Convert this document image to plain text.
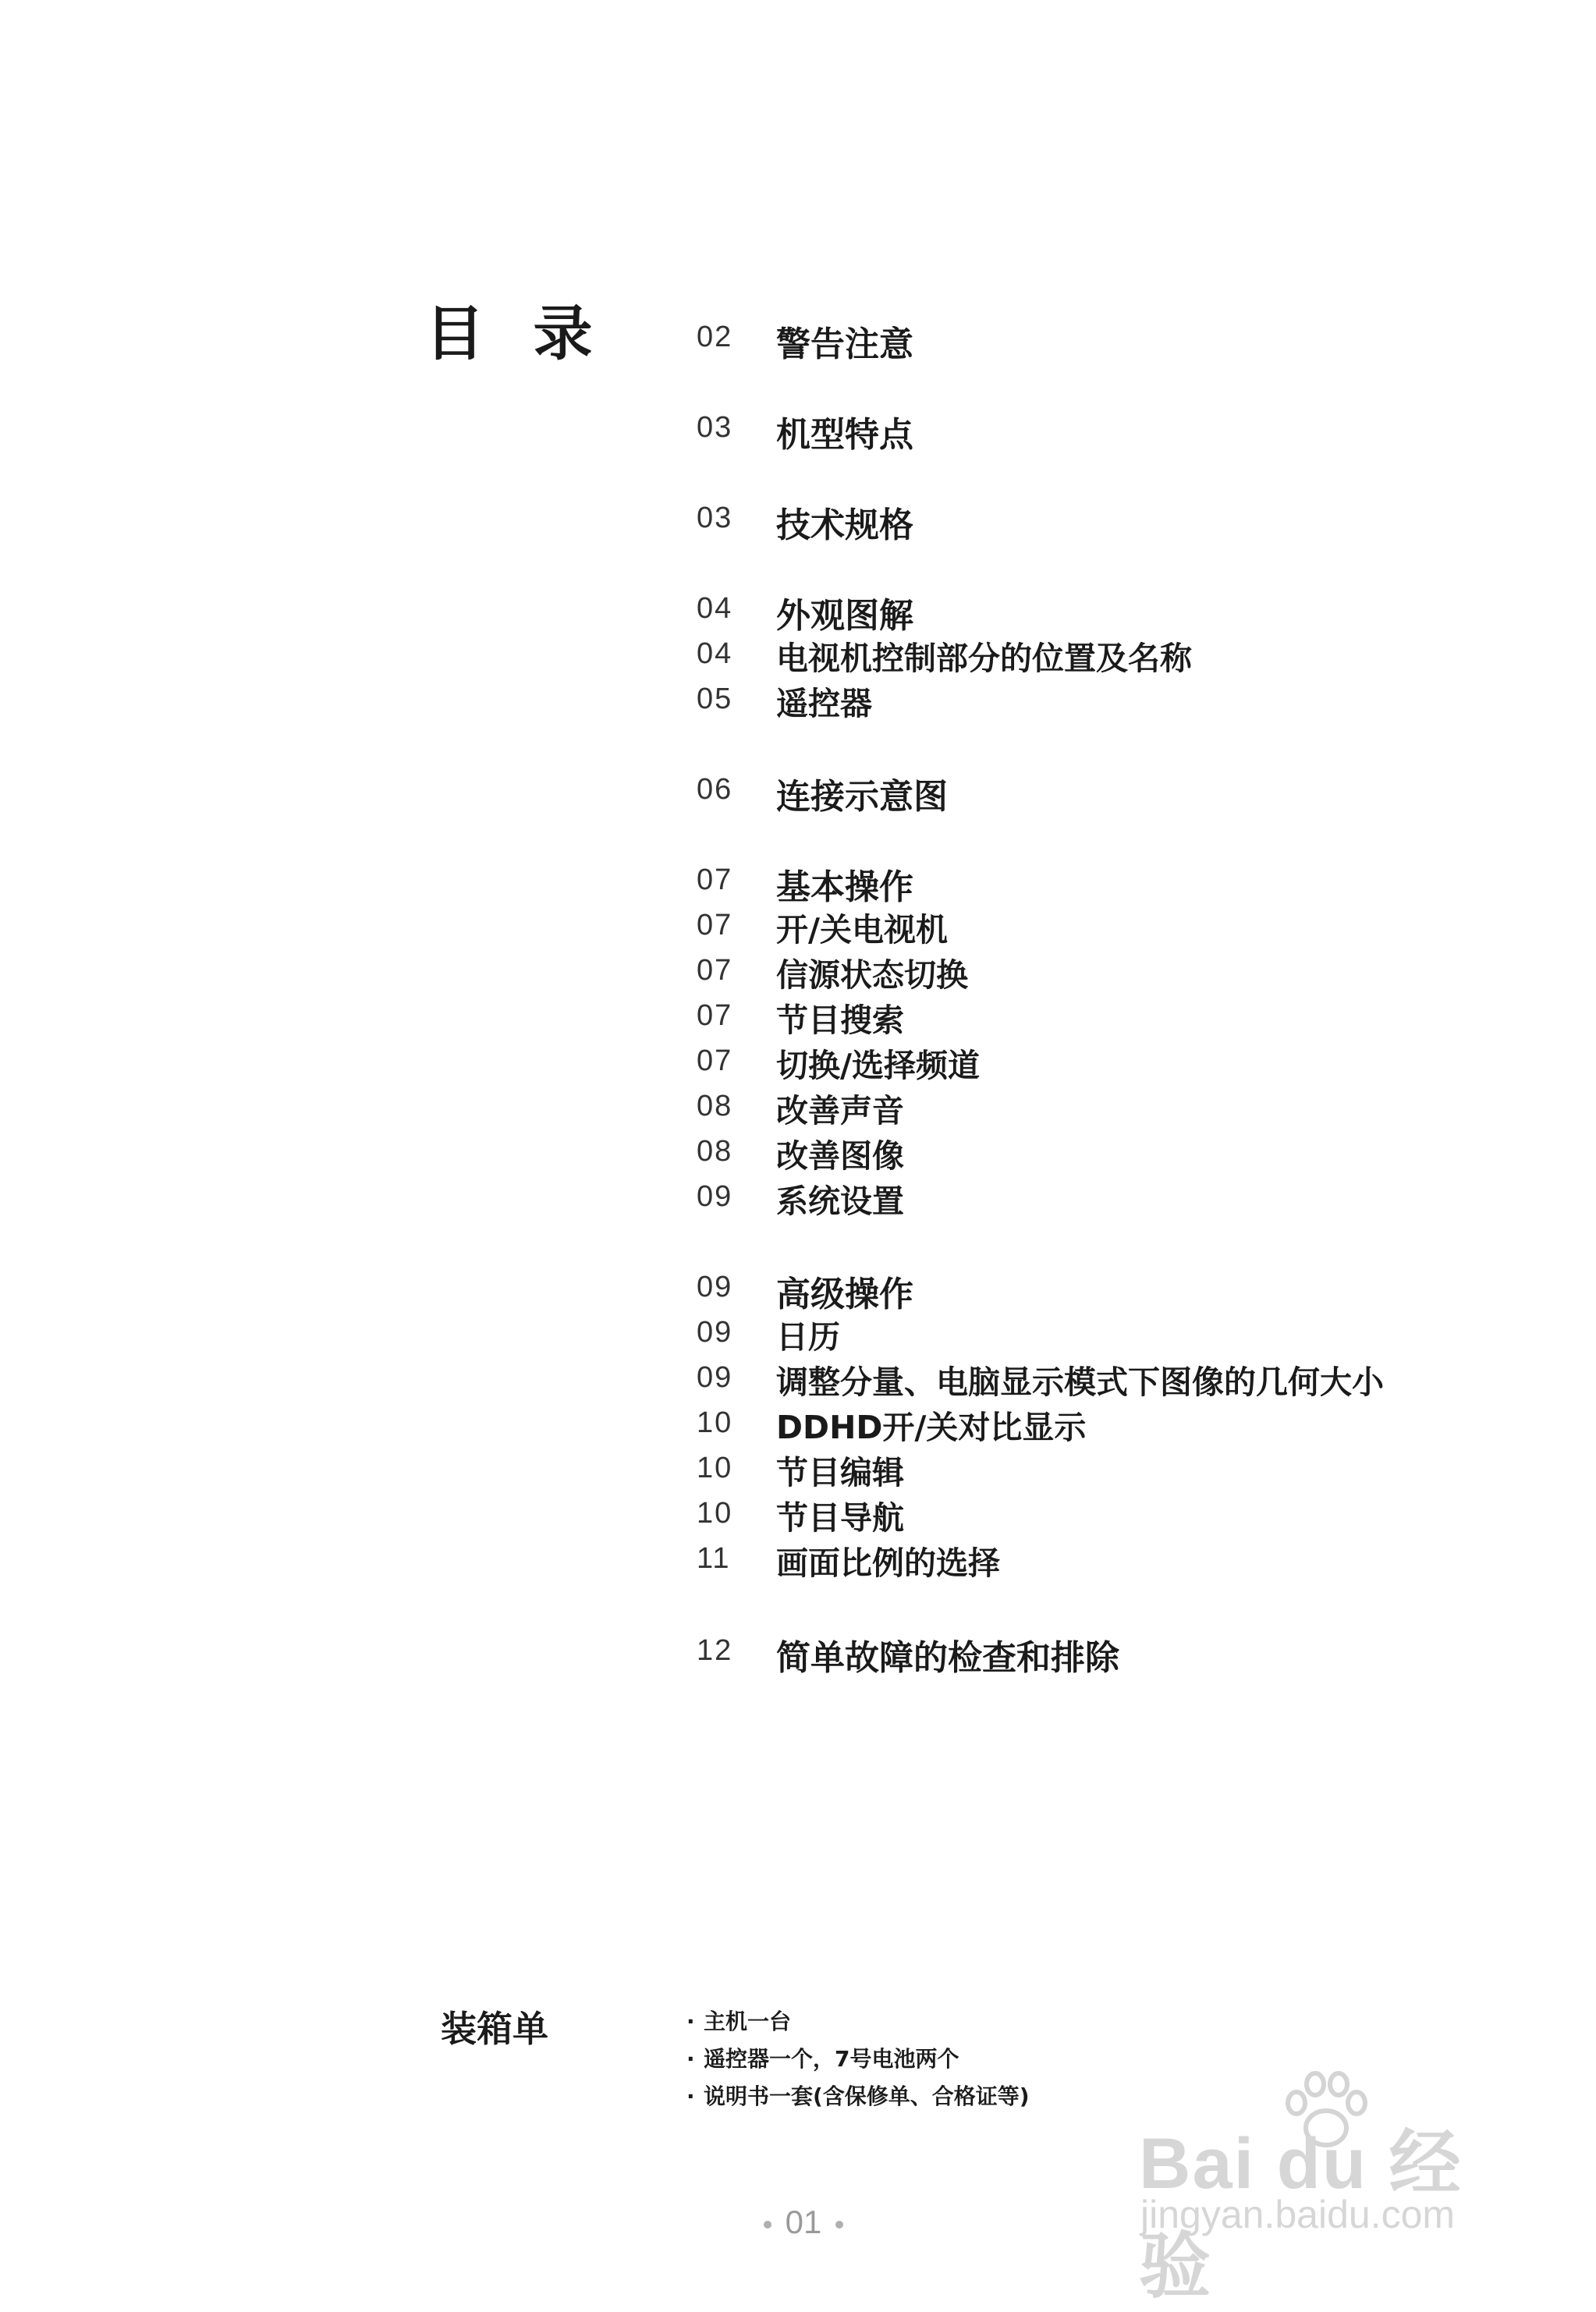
目 录	02 警告注意
03 机型特点
03 技术规格
04 外观图解
04 电视机控制部分的位置及名称
05 遥控器
06 连接示意图
07 基本操作
07 开/关电视机
07 信源状态切换
07 节目搜索
07 切换/选择频道
08 改善声音
08 改善图像
09 系统设置
09 高级操作
09 日历
09 调整分量、电脑显示模式下图像的几何大小
10 DDHD开/关对比显示
10 节目编辑
10 节目导航
11 画面比例的选择
12 简单故障的检查和排除
装箱单	· 主机一台
· 遥控器一个，7号电池两个
· 说明书一套(含保修单、合格证等)
01
Bai du 经验
jingyan.baidu.com
